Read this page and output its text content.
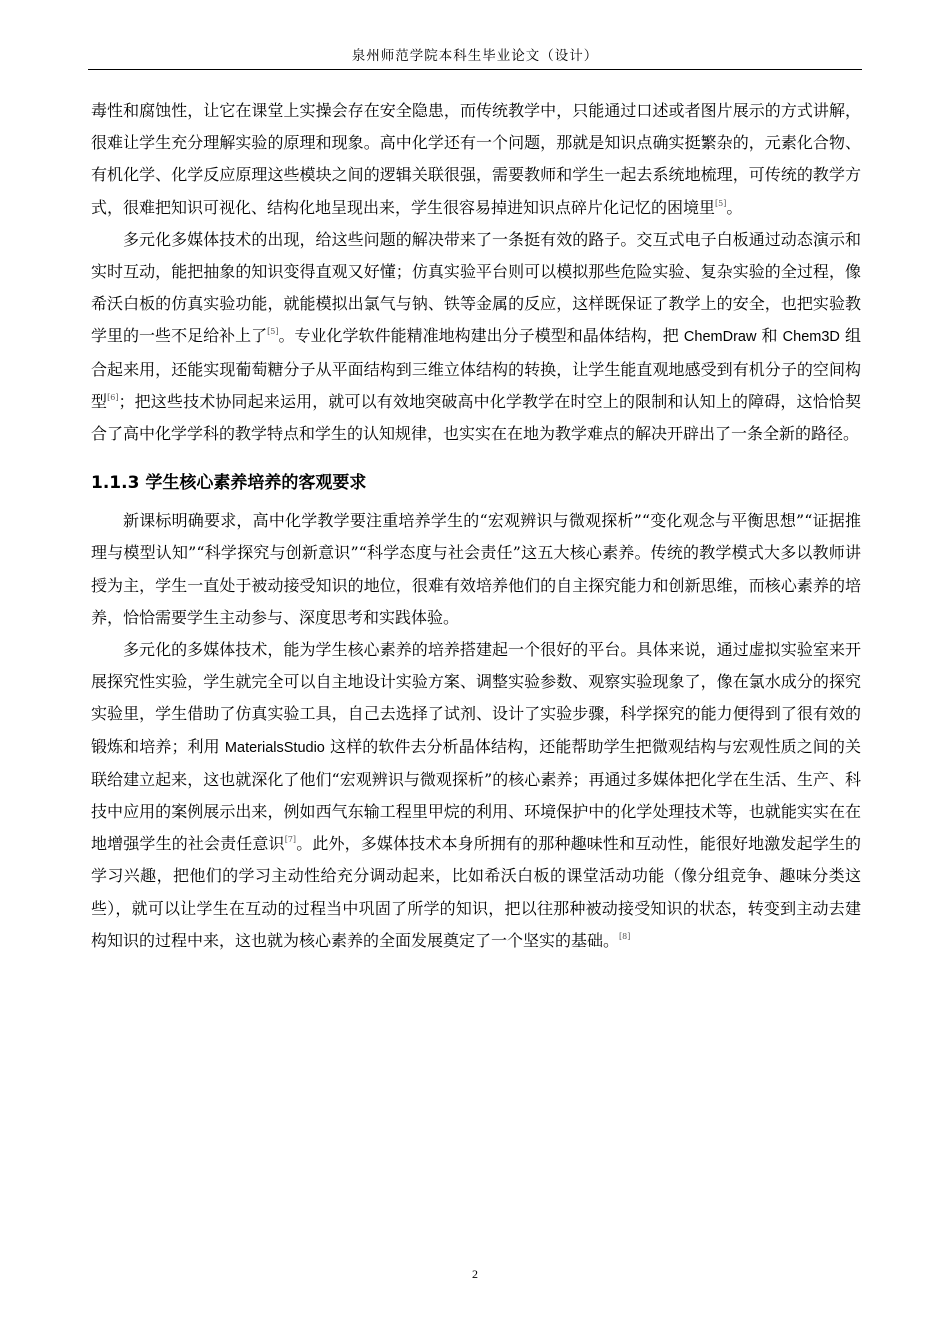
泉州师范学院本科生毕业论文（设计）

毒性和腐蚀性，让它在课堂上实操会存在安全隐患，而传统教学中，只能通过口述或者图片展示的方式讲解，很难让学生充分理解实验的原理和现象。高中化学还有一个问题，那就是知识点确实挺繁杂的，元素化合物、有机化学、化学反应原理这些模块之间的逻辑关联很强，需要教师和学生一起去系统地梳理，可传统的教学方式，很难把知识可视化、结构化地呈现出来，学生很容易掉进知识点碎片化记忆的困境里[5]。

多元化多媒体技术的出现，给这些问题的解决带来了一条挺有效的路子。交互式电子白板通过动态演示和实时互动，能把抽象的知识变得直观又好懂；仿真实验平台则可以模拟那些危险实验、复杂实验的全过程，像希沃白板的仿真实验功能，就能模拟出氯气与钠、铁等金属的反应，这样既保证了教学上的安全，也把实验教学里的一些不足给补上了[5]。专业化学软件能精准地构建出分子模型和晶体结构，把 ChemDraw 和 Chem3D 组合起来用，还能实现葡萄糖分子从平面结构到三维立体结构的转换，让学生能直观地感受到有机分子的空间构型[6]；把这些技术协同起来运用，就可以有效地突破高中化学教学在时空上的限制和认知上的障碍，这恰恰契合了高中化学学科的教学特点和学生的认知规律，也实实在在地为教学难点的解决开辟出了一条全新的路径。

1.1.3 学生核心素养培养的客观要求

新课标明确要求，高中化学教学要注重培养学生的“宏观辨识与微观探析”“变化观念与平衡思想”“证据推理与模型认知”“科学探究与创新意识”“科学态度与社会责任”这五大核心素养。传统的教学模式大多以教师讲授为主，学生一直处于被动接受知识的地位，很难有效培养他们的自主探究能力和创新思维，而核心素养的培养，恰恰需要学生主动参与、深度思考和实践体验。

多元化的多媒体技术，能为学生核心素养的培养搭建起一个很好的平台。具体来说，通过虚拟实验室来开展探究性实验，学生就完全可以自主地设计实验方案、调整实验参数、观察实验现象了，像在氯水成分的探究实验里，学生借助了仿真实验工具，自己去选择了试剂、设计了实验步骤，科学探究的能力便得到了很有效的锻炼和培养；利用 MaterialsStudio 这样的软件去分析晶体结构，还能帮助学生把微观结构与宏观性质之间的关联给建立起来，这也就深化了他们“宏观辨识与微观探析”的核心素养；再通过多媒体把化学在生活、生产、科技中应用的案例展示出来，例如西气东输工程里甲烷的利用、环境保护中的化学处理技术等，也就能实实在在地增强学生的社会责任意识[7]。此外，多媒体技术本身所拥有的那种趣味性和互动性，能很好地激发起学生的学习兴趣，把他们的学习主动性给充分调动起来，比如希沃白板的课堂活动功能（像分组竞争、趣味分类这些），就可以让学生在互动的过程当中巩固了所学的知识，把以往那种被动接受知识的状态，转变到主动去建构知识的过程中来，这也就为核心素养的全面发展奠定了一个坚实的基础。[8]

2
